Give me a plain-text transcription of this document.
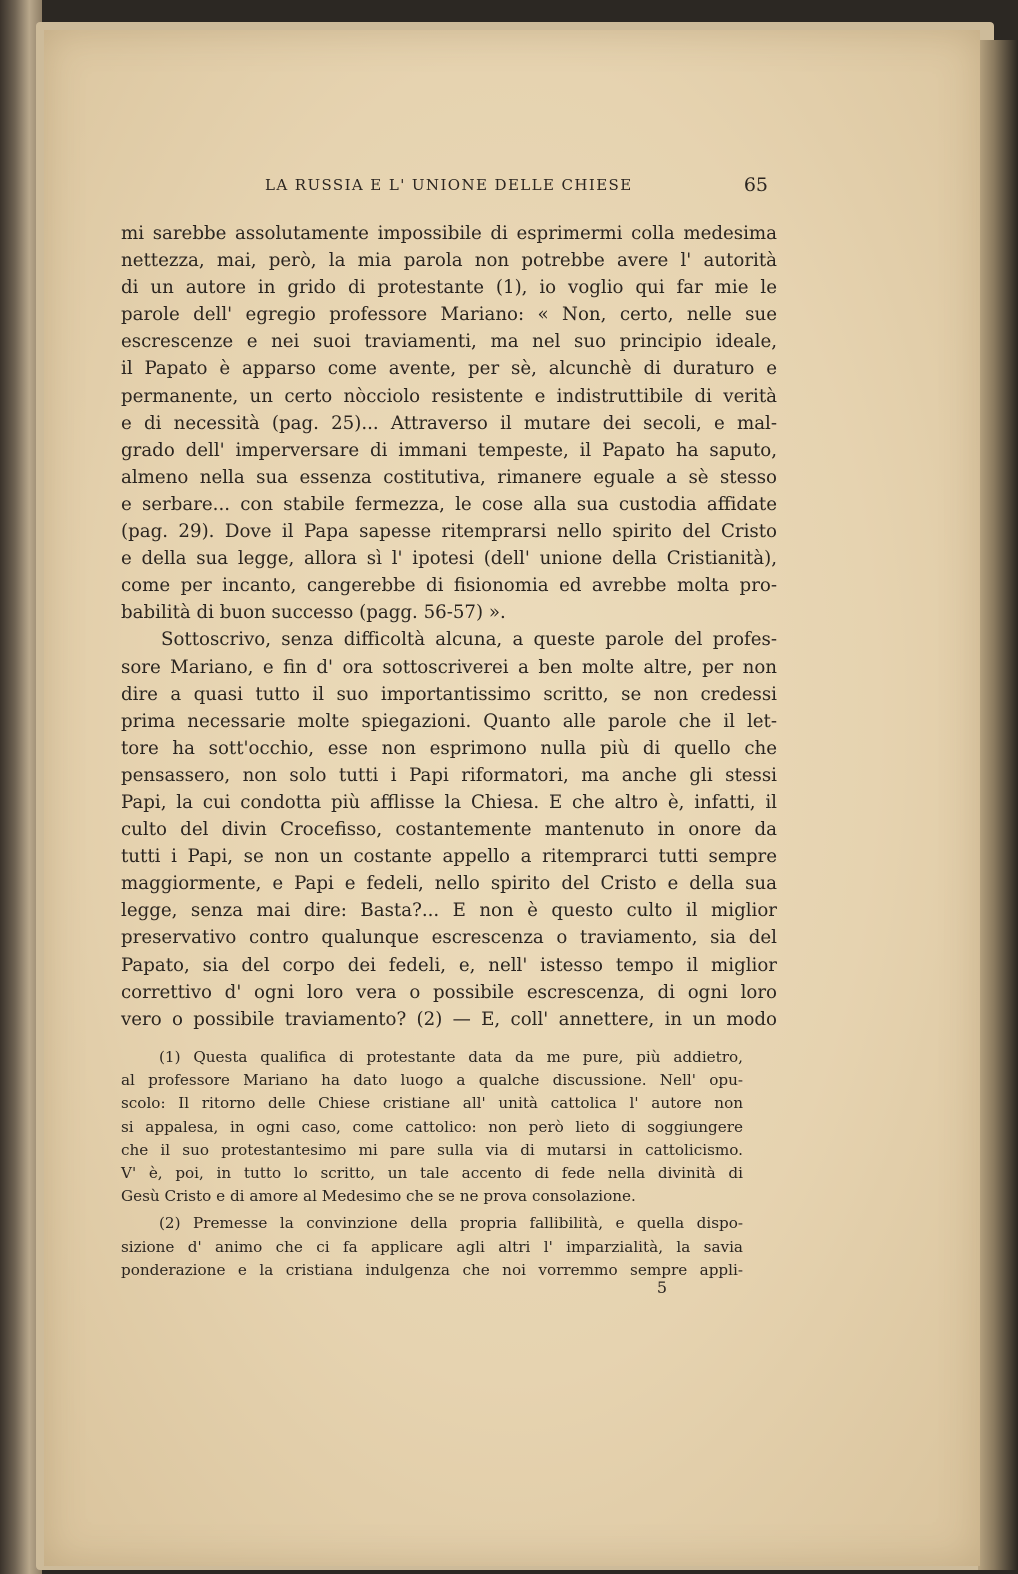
LA RUSSIA E L' UNIONE DELLE CHIESE	65
mi sarebbe assolutamente impossibile di esprimermi colla medesima
nettezza, mai, però, la mia parola non potrebbe avere l' autorità
di un autore in grido di protestante (1), io voglio qui far mie le
parole dell' egregio professore Mariano: « Non, certo, nelle sue
escrescenze e nei suoi traviamenti, ma nel suo principio ideale,
il Papato è apparso come avente, per sè, alcunchè di duraturo e
permanente, un certo nòcciolo resistente e indistruttibile di verità
e di necessità (pag. 25)... Attraverso il mutare dei secoli, e mal-
grado dell' imperversare di immani tempeste, il Papato ha saputo,
almeno nella sua essenza costitutiva, rimanere eguale a sè stesso
e serbare... con stabile fermezza, le cose alla sua custodia affidate
(pag. 29). Dove il Papa sapesse ritemprarsi nello spirito del Cristo
e della sua legge, allora sì l' ipotesi (dell' unione della Cristianità),
come per incanto, cangerebbe di fisionomia ed avrebbe molta pro-
babilità di buon successo (pagg. 56-57) ».
Sottoscrivo, senza difficoltà alcuna, a queste parole del profes-
sore Mariano, e fin d' ora sottoscriverei a ben molte altre, per non
dire a quasi tutto il suo importantissimo scritto, se non credessi
prima necessarie molte spiegazioni. Quanto alle parole che il let-
tore ha sott'occhio, esse non esprimono nulla più di quello che
pensassero, non solo tutti i Papi riformatori, ma anche gli stessi
Papi, la cui condotta più afflisse la Chiesa. E che altro è, infatti, il
culto del divin Crocefisso, costantemente mantenuto in onore da
tutti i Papi, se non un costante appello a ritemprarci tutti sempre
maggiormente, e Papi e fedeli, nello spirito del Cristo e della sua
legge, senza mai dire: Basta?... E non è questo culto il miglior
preservativo contro qualunque escrescenza o traviamento, sia del
Papato, sia del corpo dei fedeli, e, nell' istesso tempo il miglior
correttivo d' ogni loro vera o possibile escrescenza, di ogni loro
vero o possibile traviamento? (2) — E, coll' annettere, in un modo
(1) Questa qualifica di protestante data da me pure, più addietro,
al professore Mariano ha dato luogo a qualche discussione. Nell' opu-
scolo: Il ritorno delle Chiese cristiane all' unità cattolica l' autore non
si appalesa, in ogni caso, come cattolico: non però lieto di soggiungere
che il suo protestantesimo mi pare sulla via di mutarsi in cattolicismo.
V' è, poi, in tutto lo scritto, un tale accento di fede nella divinità di
Gesù Cristo e di amore al Medesimo che se ne prova consolazione.
(2) Premesse la convinzione della propria fallibilità, e quella dispo-
sizione d' animo che ci fa applicare agli altri l' imparzialità, la savia
ponderazione e la cristiana indulgenza che noi vorremmo sempre appli-
5
